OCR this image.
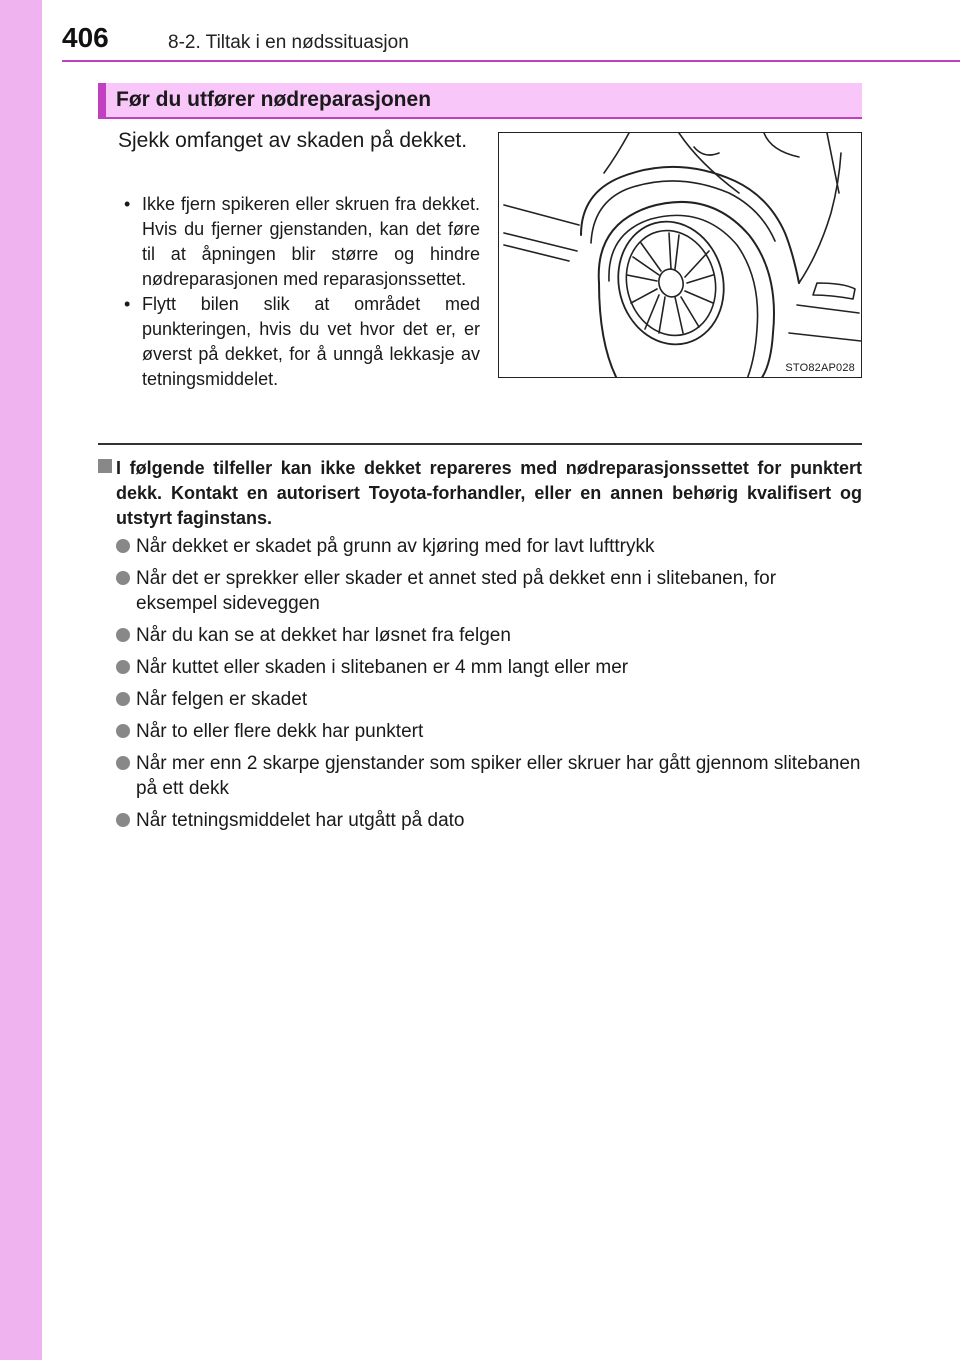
406	8-2. Tiltak i en nødssituasjon
Før du utfører nødreparasjonen

Sjekk omfanget av skaden på dekket.

• Ikke fjern spikeren eller skruen fra dekket. Hvis du fjerner gjenstanden, kan det føre til at åpningen blir større og hindre nødreparasjonen med reparasjonssettet.
• Flytt bilen slik at området med punkteringen, hvis du vet hvor det er, er øverst på dekket, for å unngå lekkasje av tetningsmiddelet.
STO82AP028

I følgende tilfeller kan ikke dekket repareres med nødreparasjonssettet for punktert dekk. Kontakt en autorisert Toyota-forhandler, eller en annen behørig kvalifisert og utstyrt faginstans.

Når dekket er skadet på grunn av kjøring med for lavt lufttrykk
Når det er sprekker eller skader et annet sted på dekket enn i slitebanen, for eksempel sideveggen
Når du kan se at dekket har løsnet fra felgen
Når kuttet eller skaden i slitebanen er 4 mm langt eller mer
Når felgen er skadet
Når to eller flere dekk har punktert
Når mer enn 2 skarpe gjenstander som spiker eller skruer har gått gjennom slitebanen på ett dekk
Når tetningsmiddelet har utgått på dato
